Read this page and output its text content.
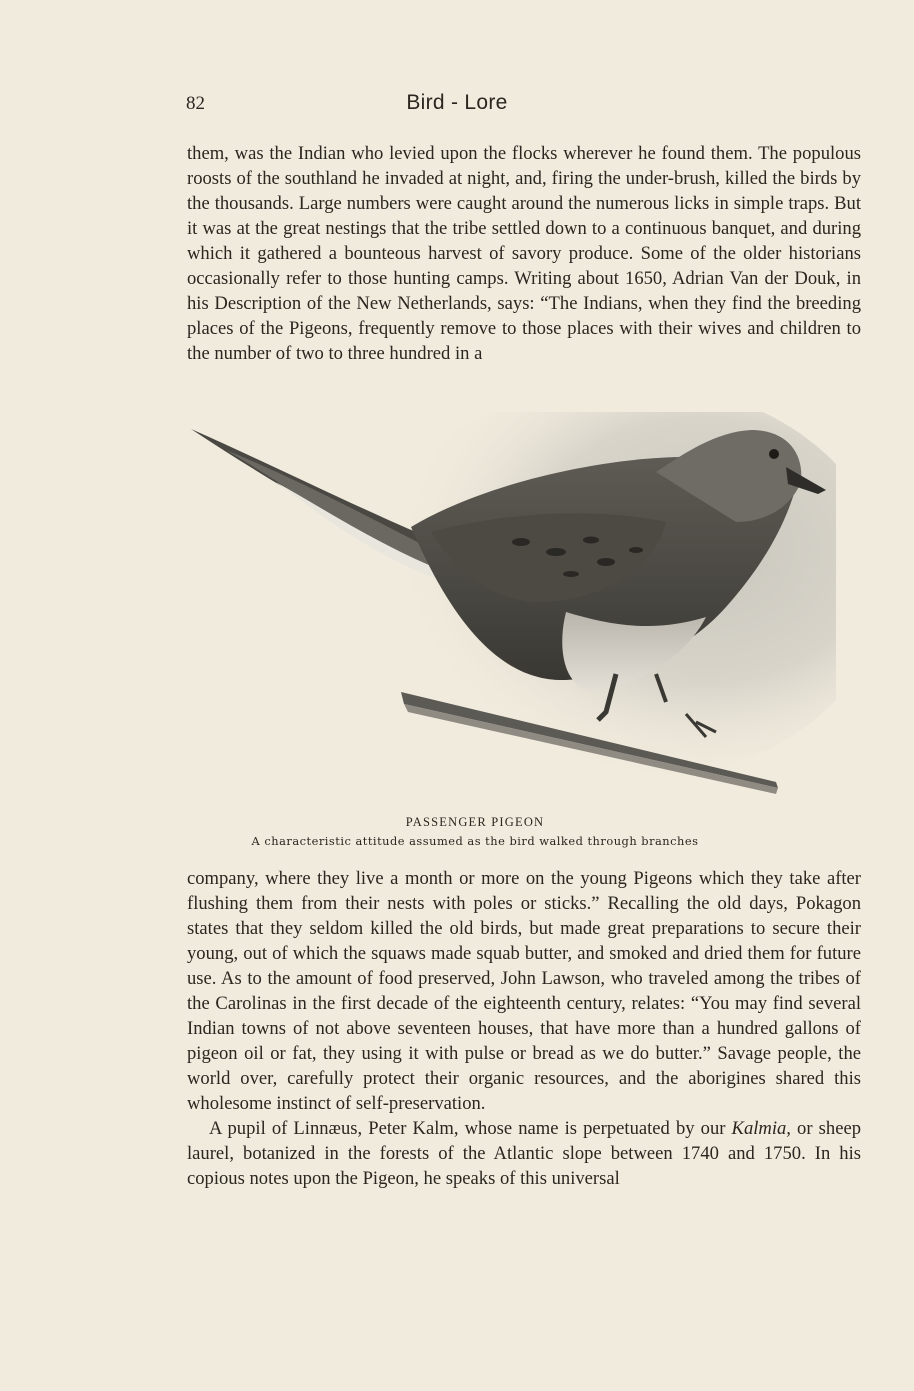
82	Bird - Lore

them, was the Indian who levied upon the flocks wherever he found them. The populous roosts of the southland he invaded at night, and, firing the under-brush, killed the birds by the thousands. Large numbers were caught around the numerous licks in simple traps. But it was at the great nestings that the tribe settled down to a continuous banquet, and during which it gathered a bounteous harvest of savory produce. Some of the older historians occasionally refer to those hunting camps. Writing about 1650, Adrian Van der Douk, in his Description of the New Netherlands, says: “The Indians, when they find the breeding places of the Pigeons, frequently remove to those places with their wives and children to the number of two to three hundred in a

PASSENGER PIGEON
A characteristic attitude assumed as the bird walked through branches

company, where they live a month or more on the young Pigeons which they take after flushing them from their nests with poles or sticks.” Recalling the old days, Pokagon states that they seldom killed the old birds, but made great preparations to secure their young, out of which the squaws made squab butter, and smoked and dried them for future use. As to the amount of food preserved, John Lawson, who traveled among the tribes of the Carolinas in the first decade of the eighteenth century, relates: “You may find several Indian towns of not above seventeen houses, that have more than a hundred gallons of pigeon oil or fat, they using it with pulse or bread as we do butter.” Savage people, the world over, carefully protect their organic resources, and the aborigines shared this wholesome instinct of self-preservation.

A pupil of Linnæus, Peter Kalm, whose name is perpetuated by our Kalmia, or sheep laurel, botanized in the forests of the Atlantic slope between 1740 and 1750. In his copious notes upon the Pigeon, he speaks of this universal
